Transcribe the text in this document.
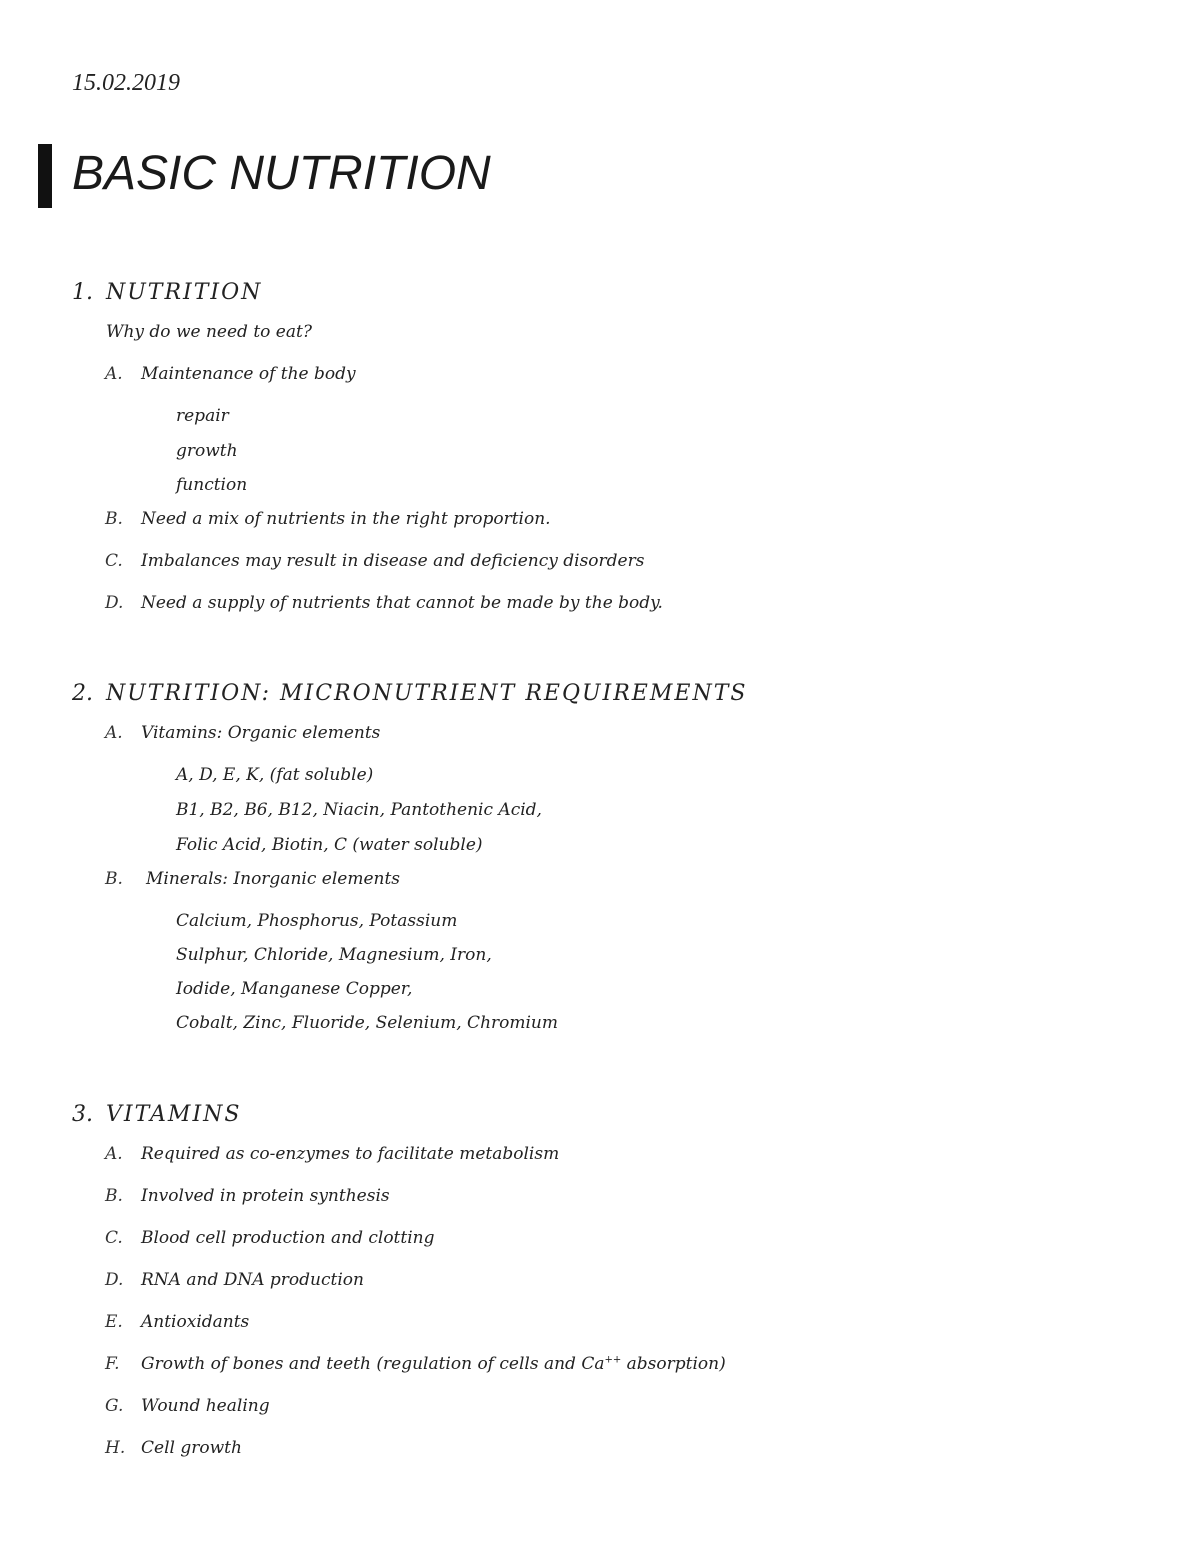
15.02.2019
BASIC NUTRITION
1. NUTRITION
Why do we need to eat?
A.	Maintenance of the body
repair
growth
function
B.	Need a mix of nutrients in the right proportion.
C.	Imbalances may result in disease and deficiency disorders
D.	Need a supply of nutrients that cannot be made by the body.
2. NUTRITION: MICRONUTRIENT REQUIREMENTS
A.	Vitamins: Organic elements
A, D, E, K, (fat soluble)
B1, B2, B6, B12, Niacin, Pantothenic Acid,
Folic Acid, Biotin, C (water soluble)
B.	Minerals: Inorganic elements
Calcium, Phosphorus, Potassium
Sulphur, Chloride, Magnesium, Iron,
Iodide, Manganese Copper,
Cobalt, Zinc, Fluoride, Selenium, Chromium
3. VITAMINS
A.	Required as co-enzymes to facilitate metabolism
B.	Involved in protein synthesis
C.	Blood cell production and clotting
D.	RNA and DNA production
E.	Antioxidants
F.	Growth of bones and teeth (regulation of cells and Ca++ absorption)
G.	Wound healing
H. Cell growth
